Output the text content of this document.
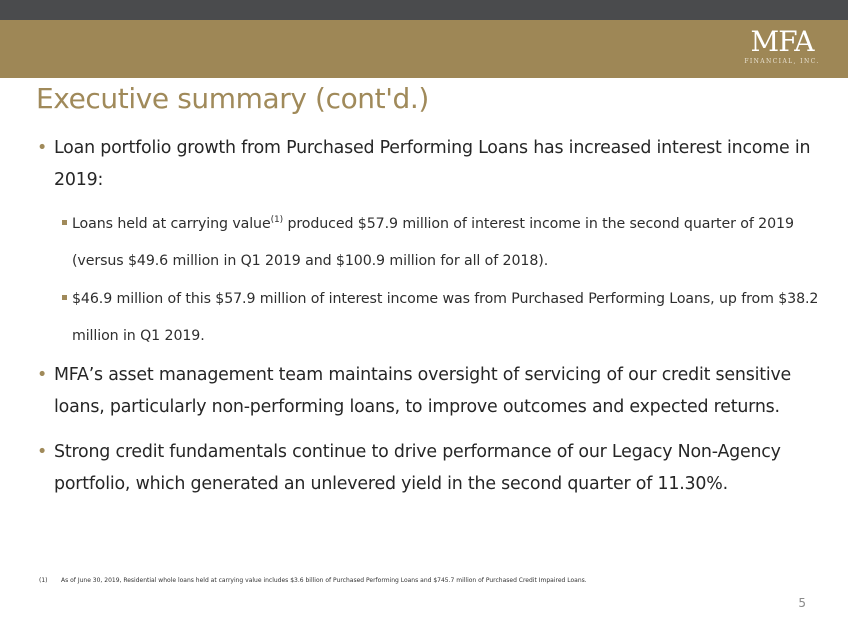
MFA
FINANCIAL, INC.
Executive summary (cont'd.)

• Loan portfolio growth from Purchased Performing Loans has increased interest income in 2019:

Loans held at carrying value$^{(1)}$ produced $57.9 million of interest income in the second quarter of 2019 (versus $49.6 million in Q1 2019 and $100.9 million for all of 2018).

$46.9 million of this $57.9 million of interest income was from Purchased Performing Loans, up from $38.2 million in Q1 2019.

• MFA’s asset management team maintains oversight of servicing of our credit sensitive loans, particularly non-performing loans, to improve outcomes and expected returns.

• Strong credit fundamentals continue to drive performance of our Legacy Non-Agency portfolio, which generated an unlevered yield in the second quarter of 11.30%.

(1) As of June 30, 2019, Residential whole loans held at carrying value includes $3.6 billion of Purchased Performing Loans and $745.7 million of Purchased Credit Impaired Loans.
5
